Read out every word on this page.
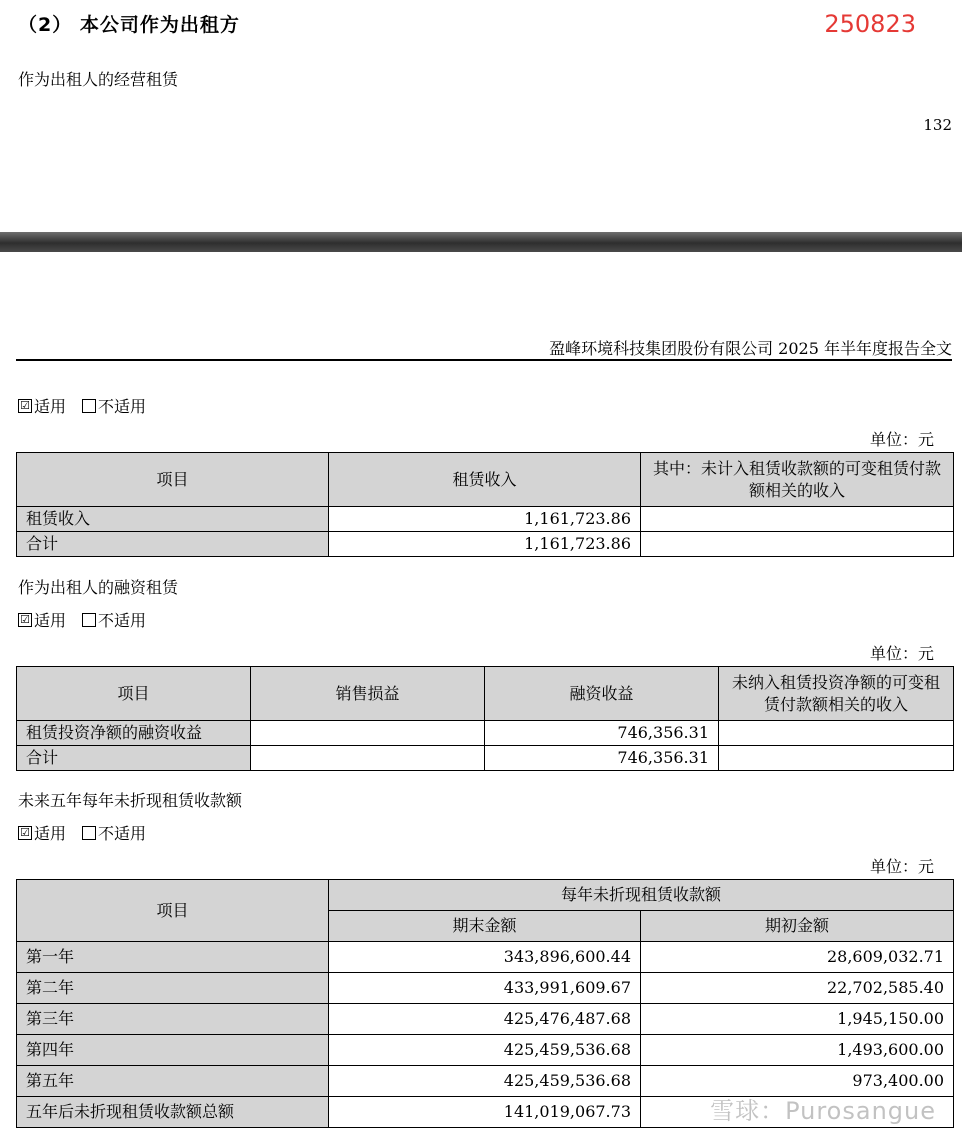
（2） 本公司作为出租方	250823
作为出租人的经营租赁
132
盈峰环境科技集团股份有限公司 2025 年半年度报告全文
☑ 适用 不适用
单位：元
项目	租赁收入	其中：未计入租赁收款额的可变租赁付款额相关的收入
租赁收入	1,161,723.86	
合计	1,161,723.86	
作为出租人的融资租赁
☑ 适用 不适用
单位：元
项目	销售损益	融资收益	未纳入租赁投资净额的可变租赁付款额相关的收入
租赁投资净额的融资收益		746,356.31	
合计		746,356.31	
未来五年每年未折现租赁收款额
☑ 适用 不适用
单位：元
项目	每年未折现租赁收款额	
	期末金额	期初金额
第一年	343,896,600.44	28,609,032.71
第二年	433,991,609.67	22,702,585.40
第三年	425,476,487.68	1,945,150.00
第四年	425,459,536.68	1,493,600.00
第五年	425,459,536.68	973,400.00
五年后未折现租赁收款额总额	141,019,067.73		雪球：Purosangue
